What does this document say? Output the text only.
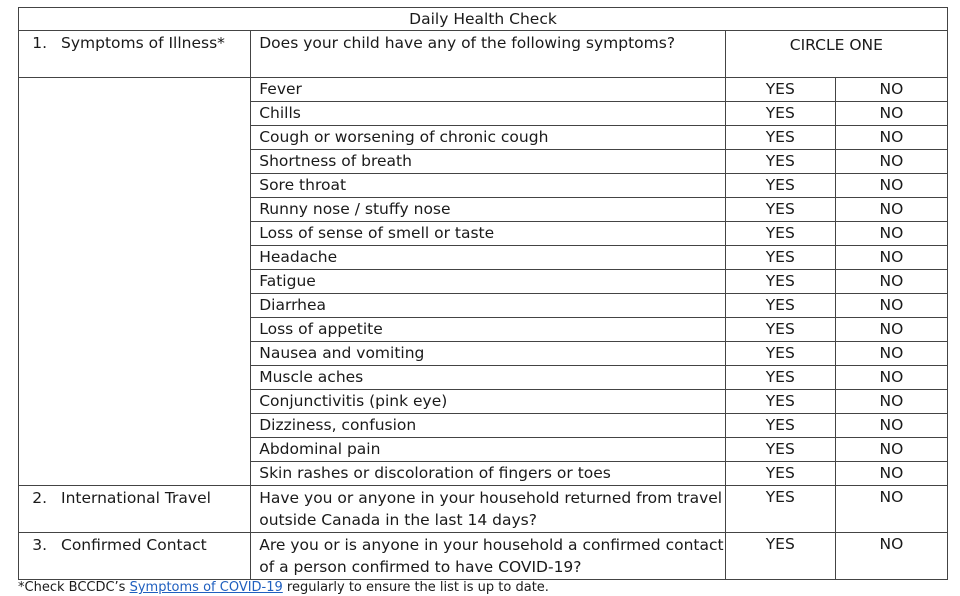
Daily Health Check			

1. Symptoms of Illness*	Does your child have any of the following symptoms?	CIRCLE ONE	

	Fever	YES	NO

	Chills	YES	NO

	Cough or worsening of chronic cough	YES	NO

	Shortness of breath	YES	NO

	Sore throat	YES	NO

	Runny nose / stuffy nose	YES	NO

	Loss of sense of smell or taste	YES	NO

	Headache	YES	NO

	Fatigue	YES	NO

	Diarrhea	YES	NO

	Loss of appetite	YES	NO

	Nausea and vomiting	YES	NO

	Muscle aches	YES	NO

	Conjunctivitis (pink eye)	YES	NO

	Dizziness, confusion	YES	NO

	Abdominal pain	YES	NO

	Skin rashes or discoloration of fingers or toes	YES	NO

2. International Travel	Have you or anyone in your household returned from travel outside Canada in the last 14 days?	YES	NO

3. Confirmed Contact	Are you or is anyone in your household a confirmed contact of a person confirmed to have COVID-19?	YES	NO
*Check BCCDC’s Symptoms of COVID-19 regularly to ensure the list is up to date.
